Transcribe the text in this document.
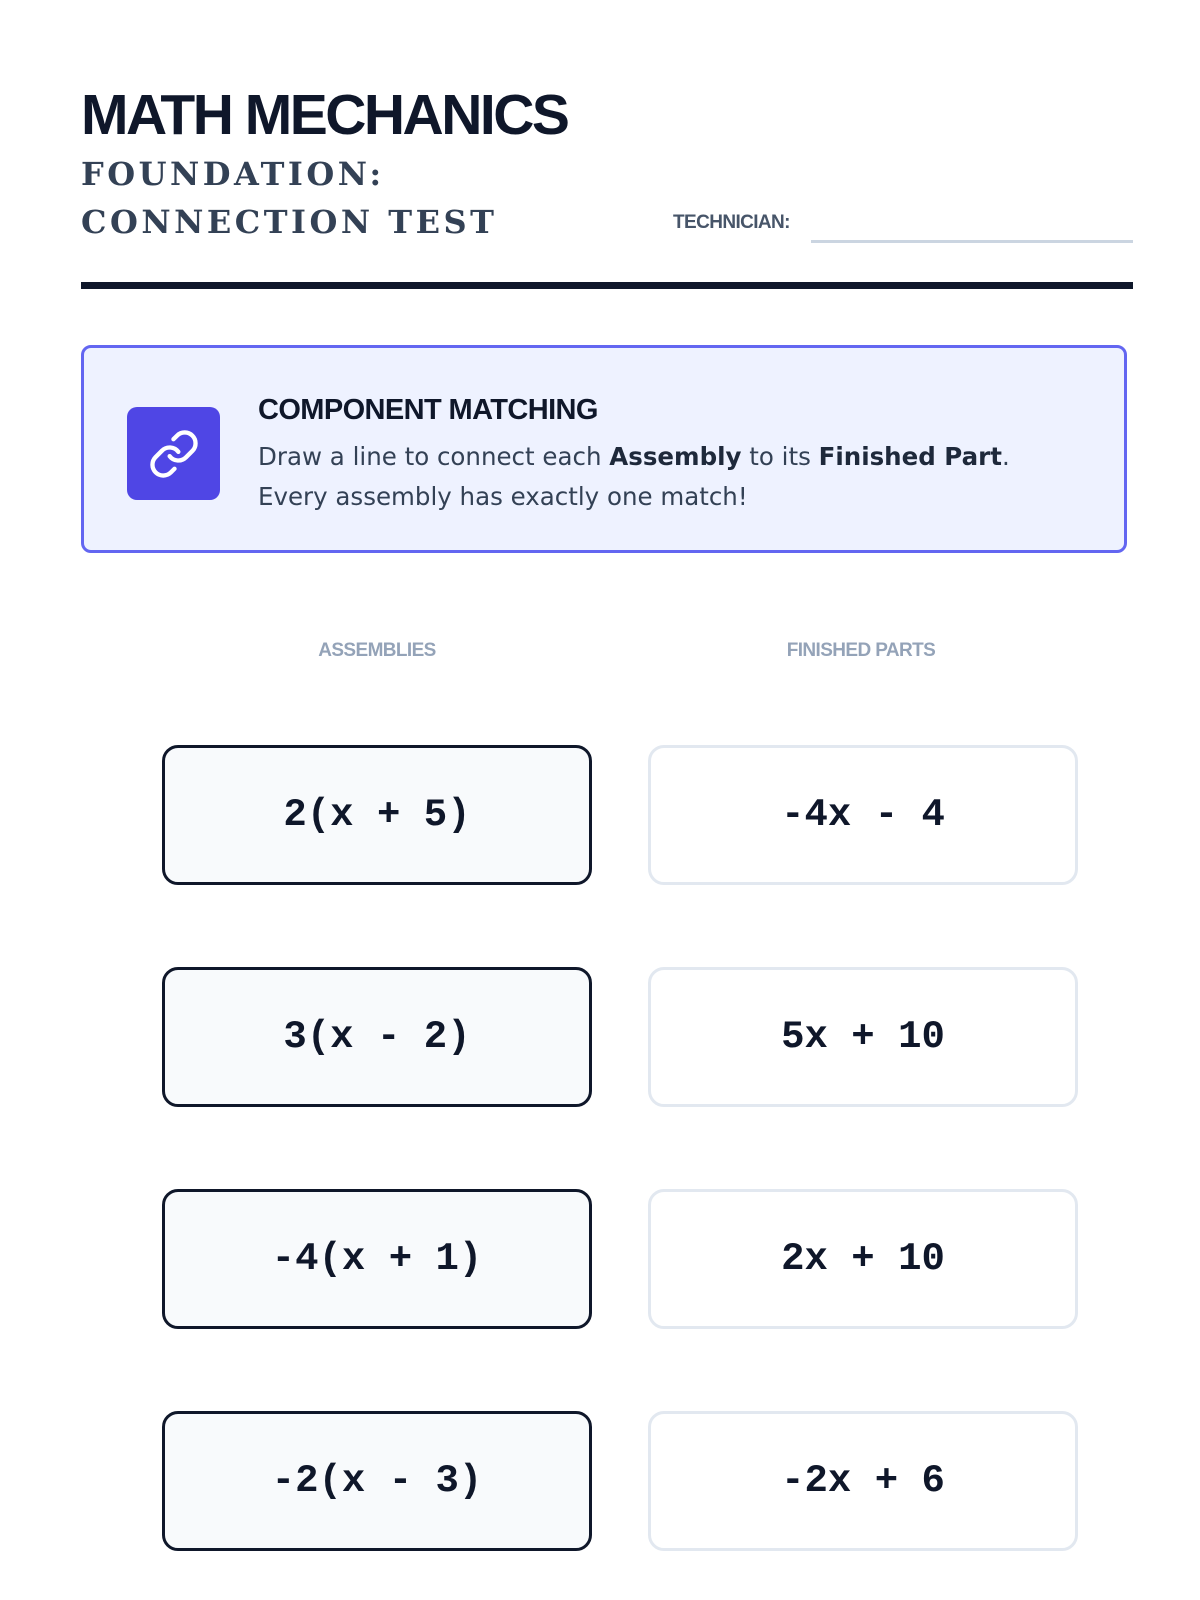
MATH MECHANICS
FOUNDATION: CONNECTION TEST	TECHNICIAN:
COMPONENT MATCHING

Draw a line to connect each Assembly to its Finished Part.
Every assembly has exactly one match!

ASSEMBLIES	FINISHED PARTS
2(x + 5)
3(x - 2)
-4(x + 1)
-2(x - 3)
-4x - 4
5x + 10
2x + 10
-2x + 6
